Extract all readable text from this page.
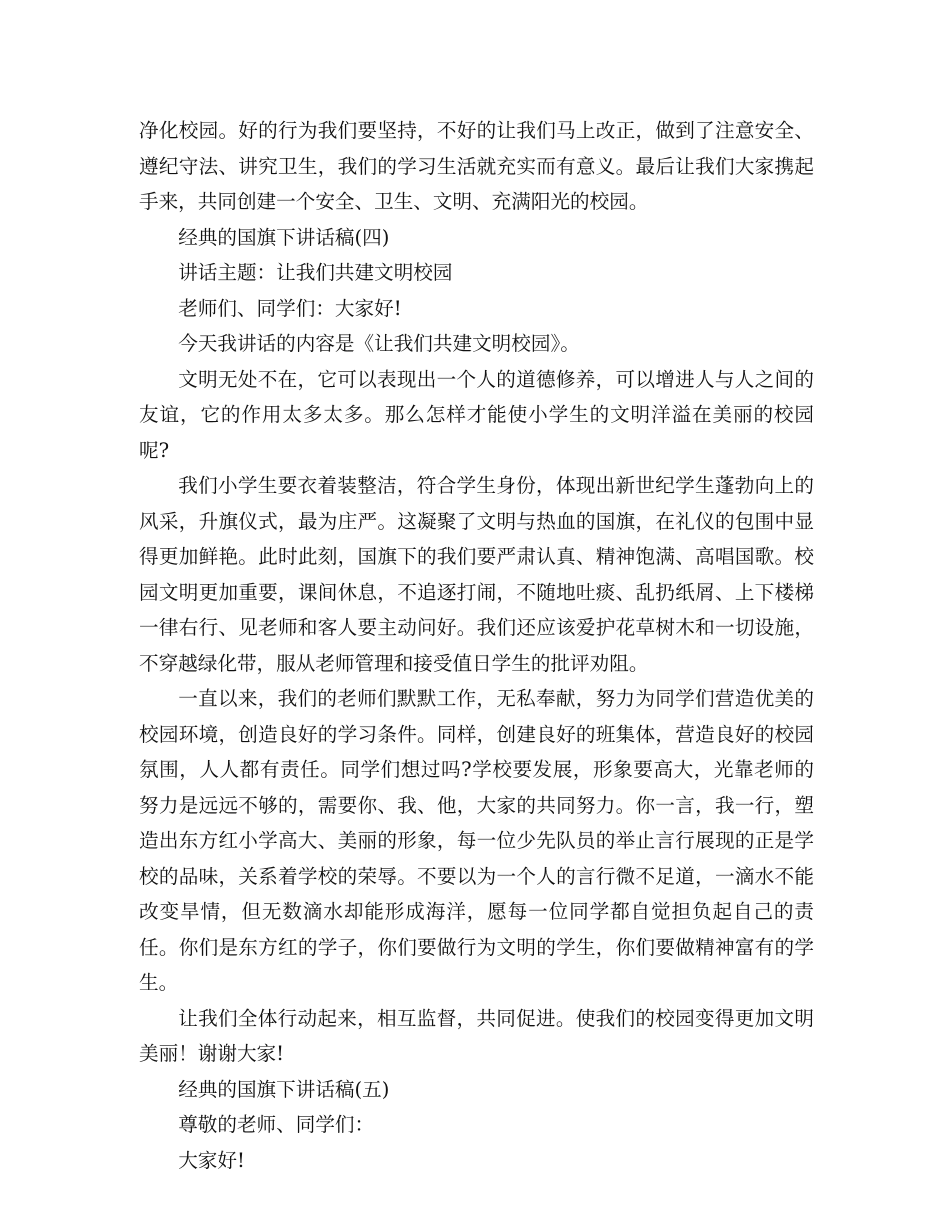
净化校园。好的行为我们要坚持，不好的让我们马上改正，做到了注意安全、遵纪守法、讲究卫生，我们的学习生活就充实而有意义。最后让我们大家携起手来，共同创建一个安全、卫生、文明、充满阳光的校园。

经典的国旗下讲话稿(四)

讲话主题：让我们共建文明校园

老师们、同学们：大家好!

今天我讲话的内容是《让我们共建文明校园》。

文明无处不在，它可以表现出一个人的道德修养，可以增进人与人之间的友谊，它的作用太多太多。那么怎样才能使小学生的文明洋溢在美丽的校园呢?

我们小学生要衣着装整洁，符合学生身份，体现出新世纪学生蓬勃向上的风采，升旗仪式，最为庄严。这凝聚了文明与热血的国旗，在礼仪的包围中显得更加鲜艳。此时此刻，国旗下的我们要严肃认真、精神饱满、高唱国歌。校园文明更加重要，课间休息，不追逐打闹，不随地吐痰、乱扔纸屑、上下楼梯一律右行、见老师和客人要主动问好。我们还应该爱护花草树木和一切设施，不穿越绿化带，服从老师管理和接受值日学生的批评劝阻。

一直以来，我们的老师们默默工作，无私奉献，努力为同学们营造优美的校园环境，创造良好的学习条件。同样，创建良好的班集体，营造良好的校园氛围，人人都有责任。同学们想过吗?学校要发展，形象要高大，光靠老师的努力是远远不够的，需要你、我、他，大家的共同努力。你一言，我一行，塑造出东方红小学高大、美丽的形象，每一位少先队员的举止言行展现的正是学校的品味，关系着学校的荣辱。不要以为一个人的言行微不足道，一滴水不能改变旱情，但无数滴水却能形成海洋，愿每一位同学都自觉担负起自己的责任。你们是东方红的学子，你们要做行为文明的学生，你们要做精神富有的学生。

让我们全体行动起来，相互监督，共同促进。使我们的校园变得更加文明美丽！谢谢大家!

经典的国旗下讲话稿(五)

尊敬的老师、同学们：

大家好!
